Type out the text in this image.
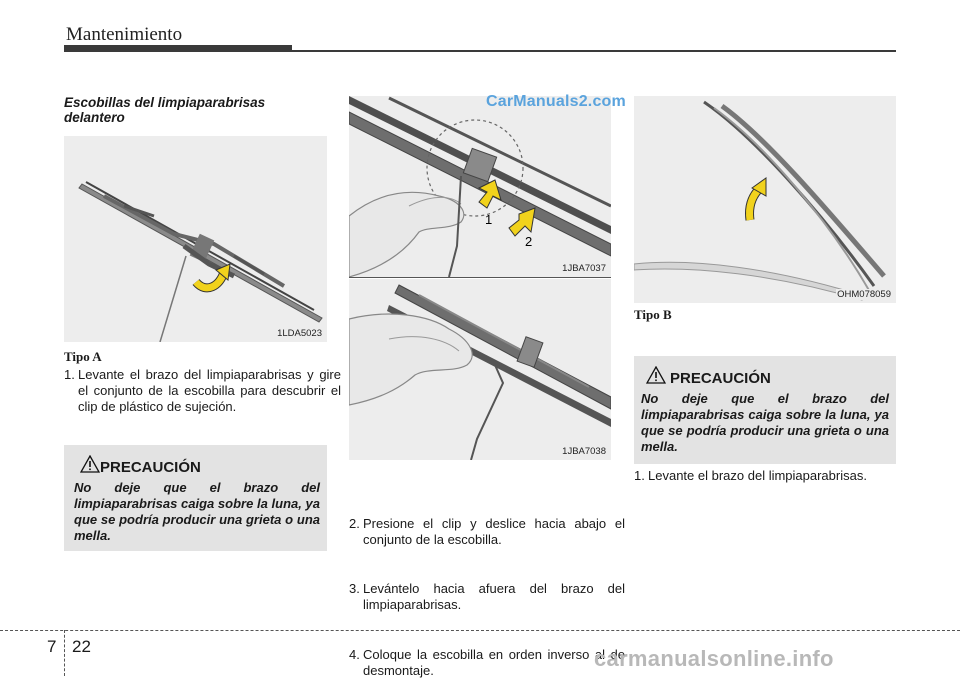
Mantenimiento
Escobillas del limpiaparabrisas delantero
1LDA5023
Tipo A
1. Levante el brazo del limpiaparabrisas y gire el conjunto de la escobilla para descubrir el clip de plástico de sujeción.
PRECAUCIÓN
No deje que el brazo del limpiaparabrisas caiga sobre la luna, ya que se podría producir una grieta o una mella.
1
2
1JBA7037
CarManuals2.com
1JBA7038
2. Presione el clip y deslice hacia abajo el conjunto de la escobilla.
3. Levántelo hacia afuera del brazo del limpiaparabrisas.
4. Coloque la escobilla en orden inverso al de desmontaje.
OHM078059
Tipo B
1. Levante el brazo del limpiaparabrisas.
PRECAUCIÓN
No deje que el brazo del limpiaparabrisas caiga sobre la luna, ya que se podría producir una grieta o una mella.
7 22	carmanualsonline.info
